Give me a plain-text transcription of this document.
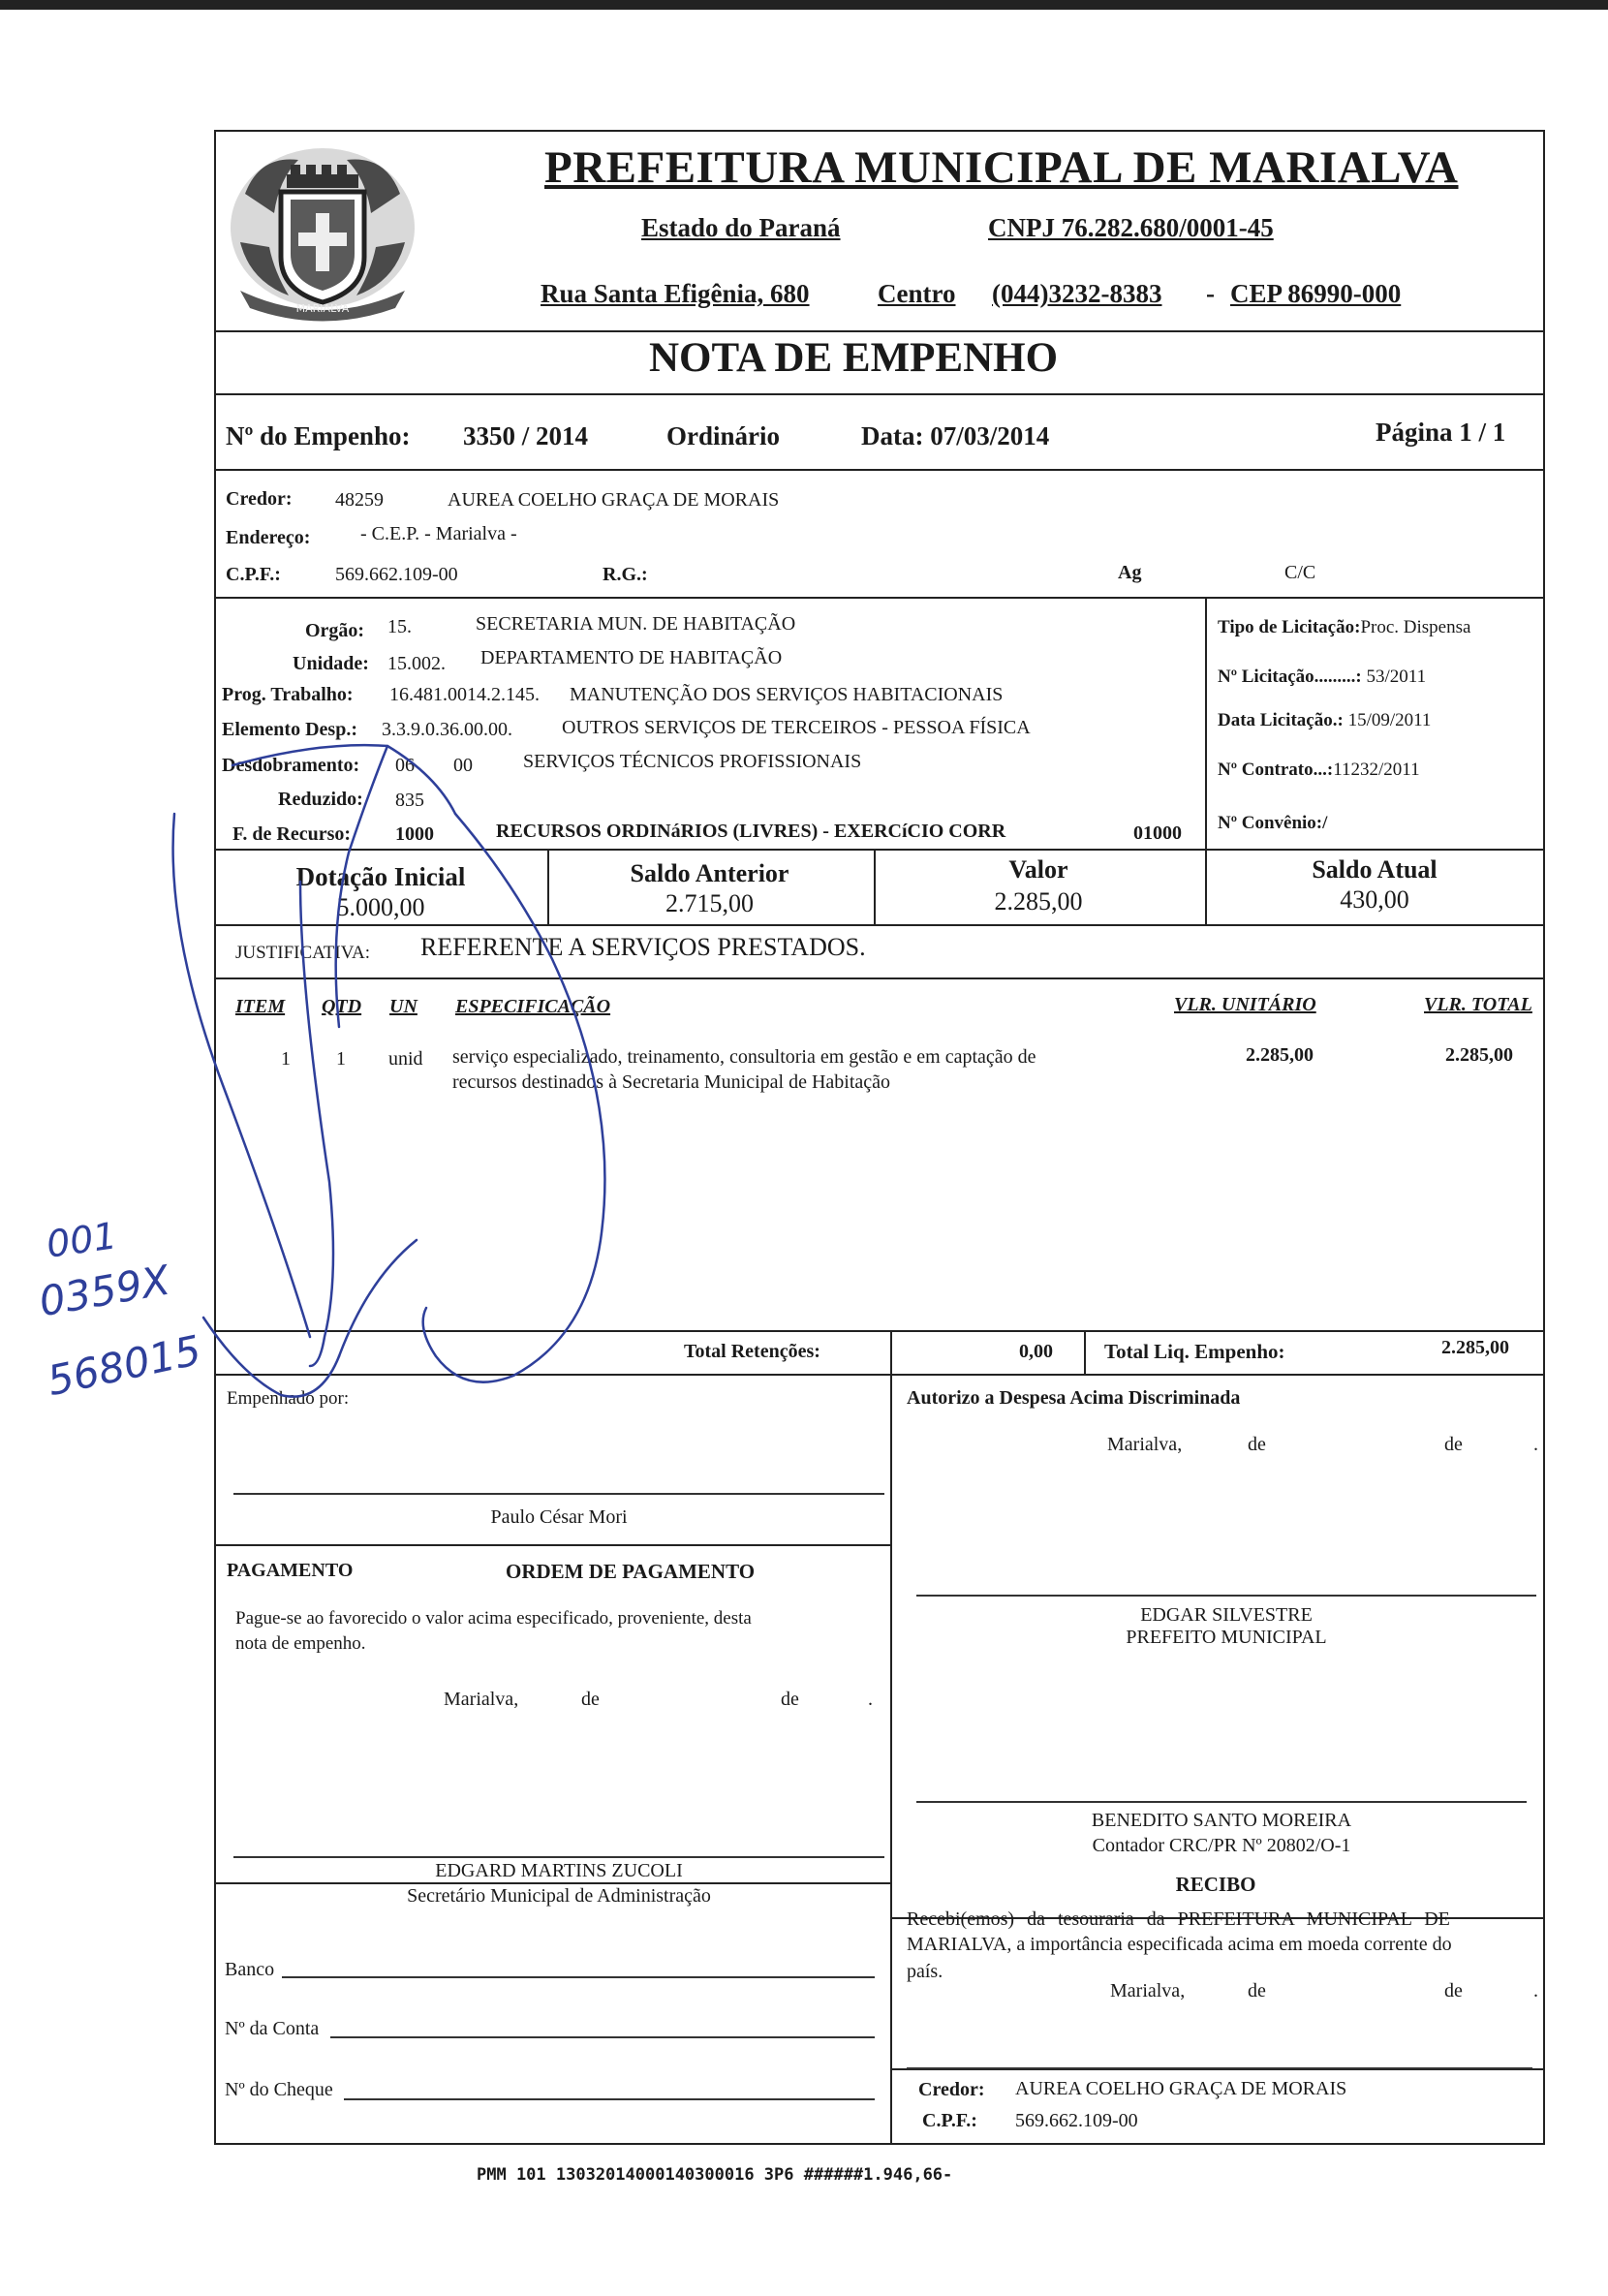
MARIALVA
PREFEITURA MUNICIPAL DE MARIALVA
Estado do Paraná	CNPJ 76.282.680/0001-45
Rua Santa Efigênia, 680	Centro (044)3232-8383 - CEP 86990-000
NOTA DE EMPENHO
Nº do Empenho: 3350 / 2014	Ordinário	Data: 07/03/2014	Página 1 / 1
Credor: 48259	AUREA COELHO GRAÇA DE MORAIS
Endereço:	- C.E.P. - Marialva -
C.P.F.:	569.662.109-00	R.G.:	Ag	C/C
Orgão: 15.	SECRETARIA MUN. DE HABITAÇÃO
Unidade: 15.002. DEPARTAMENTO DE HABITAÇÃO
Prog. Trabalho: 16.481.0014.2.145. MANUTENÇÃO DOS SERVIÇOS HABITACIONAIS
Elemento Desp.: 3.3.9.0.36.00.00.	OUTROS SERVIÇOS DE TERCEIROS - PESSOA FÍSICA
Desdobramento: 06 00	SERVIÇOS TÉCNICOS PROFISSIONAIS
Reduzido: 835
F. de Recurso: 1000	RECURSOS ORDINáRIOS (LIVRES) - EXERCíCIO CORR	01000
Tipo de Licitação:Proc. Dispensa
Nº Licitação.........: 53/2011
Data Licitação.: 15/09/2011
Nº Contrato...:11232/2011
Nº Convênio:/
Dotação Inicial
5.000,00
Saldo Anterior
2.715,00
Valor
2.285,00
Saldo Atual
430,00
JUSTIFICATIVA: REFERENTE A SERVIÇOS PRESTADOS.
ITEM QTD UN ESPECIFICAÇÃO	VLR. UNITÁRIO	VLR. TOTAL
1 1 unid serviço especializado, treinamento, consultoria em gestão e em captação de
recursos destinados à Secretaria Municipal de Habitação
2.285,00	2.285,00
Total Retenções:	0,00	Total Liq. Empenho:	2.285,00
Empenhado por:
Paulo César Mori
PAGAMENTO	ORDEM DE PAGAMENTO
Pague-se ao favorecido o valor acima especificado, proveniente, desta
nota de empenho.
Marialva,	de	de	.
EDGARD MARTINS ZUCOLI
Secretário Municipal de Administração
Banco
Nº da Conta
Nº do Cheque
Autorizo a Despesa Acima Discriminada
Marialva,	de	de	.
EDGAR SILVESTRE
PREFEITO MUNICIPAL
BENEDITO SANTO MOREIRA
Contador CRC/PR Nº 20802/O-1
RECIBO
Recebi(emos) da tesouraria da PREFEITURA MUNICIPAL DE
MARIALVA, a importância especificada acima em moeda corrente do
país.
Marialva,	de	de	.
Credor: AUREA COELHO GRAÇA DE MORAIS
C.P.F.: 569.662.109-00
PMM 101 13032014000140300016 3P6 ######1.946,66-
001
0359X
568015
